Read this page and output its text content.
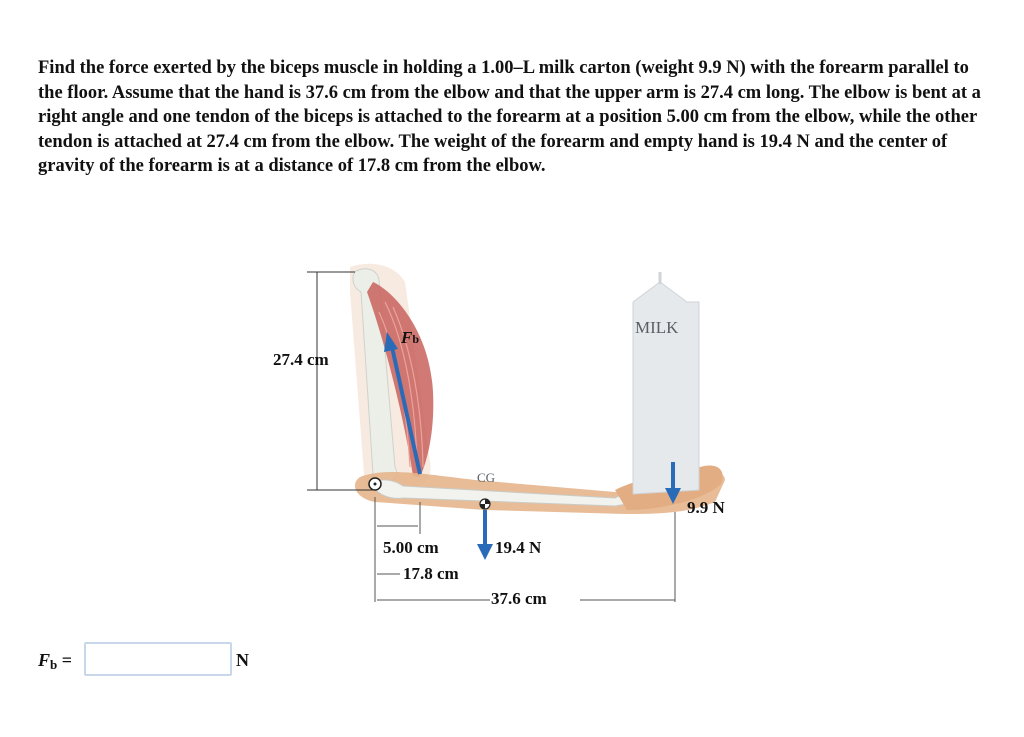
Find the force exerted by the biceps muscle in holding a 1.00–L milk carton (weight 9.9 N) with the forearm parallel to the floor. Assume that the hand is 37.6 cm from the elbow and that the upper arm is 27.4 cm long. The elbow is bent at a right angle and one tendon of the biceps is attached to the forearm at a position 5.00 cm from the elbow, while the other tendon is attached at 27.4 cm from the elbow. The weight of the forearm and empty hand is 19.4 N and the center of gravity of the forearm is at a distance of 17.8 cm from the elbow.

27.4 cm
Fb
MILK
CG
9.9 N
19.4 N
5.00 cm
17.8 cm
37.6 cm
$F_b$ =	N
